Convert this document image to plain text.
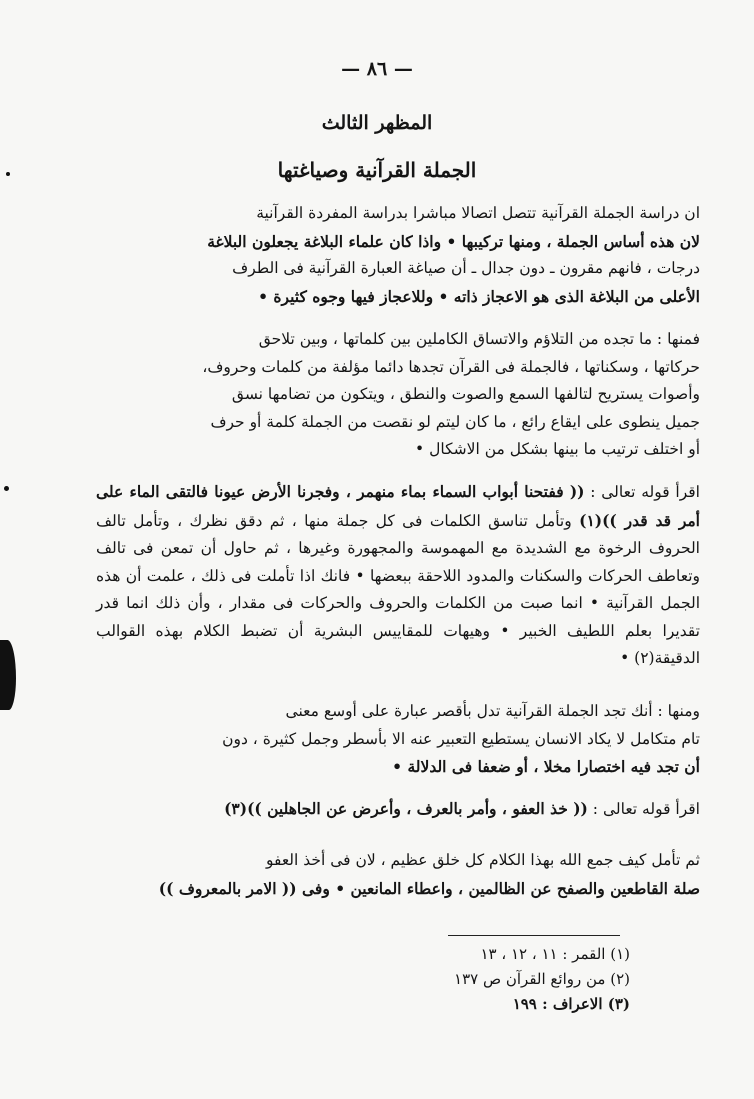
— ٨٦ —
المظهر الثالث
الجملة القرآنية وصياغتها

ان دراسة الجملة القرآنية تتصل اتصالا مباشرا بدراسة المفردة القرآنية

لان هذه أساس الجملة ، ومنها تركيبها • واذا كان علماء البلاغة يجعلون البلاغة

درجات ، فانهم مقرون ـ دون جدال ـ أن صياغة العبارة القرآنية فى الطرف

الأعلى من البلاغة الذى هو الاعجاز ذاته • وللاعجاز فيها وجوه كثيرة •

فمنها : ما تجده من التلاؤم والاتساق الكاملين بين كلماتها ، وبين تلاحق

حركاتها ، وسكناتها ، فالجملة فى القرآن تجدها دائما مؤلفة من كلمات وحروف،

وأصوات يستريح لتالفها السمع والصوت والنطق ، ويتكون من تضامها نسق

جميل ينطوى على ايقاع رائع ، ما كان ليتم لو نقصت من الجملة كلمة أو حرف

أو اختلف ترتيب ما بينها بشكل من الاشكال •

اقرأ قوله تعالى : (( ففتحنا أبواب السماء بماء منهمر ، وفجرنا الأرض عيونا فالتقى الماء على أمر قد قدر ))(١) وتأمل تناسق الكلمات فى كل جملة منها ، ثم دقق نظرك ، وتأمل تالف الحروف الرخوة مع الشديدة مع المهموسة والمجهورة وغيرها ، ثم حاول أن تمعن فى تالف وتعاطف الحركات والسكنات والمدود اللاحقة ببعضها • فانك اذا تأملت فى ذلك ، علمت أن هذه الجمل القرآنية • انما صبت من الكلمات والحروف والحركات فى مقدار ، وأن ذلك انما قدر تقديرا بعلم اللطيف الخبير • وهيهات للمقاييس البشرية أن تضبط الكلام بهذه القوالب الدقيقة(٢) •

ومنها : أنك تجد الجملة القرآنية تدل بأقصر عبارة على أوسع معنى

تام متكامل لا يكاد الانسان يستطيع التعبير عنه الا بأسطر وجمل كثيرة ، دون

أن تجد فيه اختصارا مخلا ، أو ضعفا فى الدلالة •

اقرأ قوله تعالى : (( خذ العفو ، وأمر بالعرف ، وأعرض عن الجاهلين ))(٣)

ثم تأمل كيف جمع الله بهذا الكلام كل خلق عظيم ، لان فى أخذ العفو

صلة القاطعين والصفح عن الظالمين ، واعطاء المانعين • وفى (( الامر بالمعروف ))

(١) القمر : ١١ ، ١٢ ، ١٣

(٢) من روائع القرآن ص ١٣٧

(٣) الاعراف : ١٩٩
